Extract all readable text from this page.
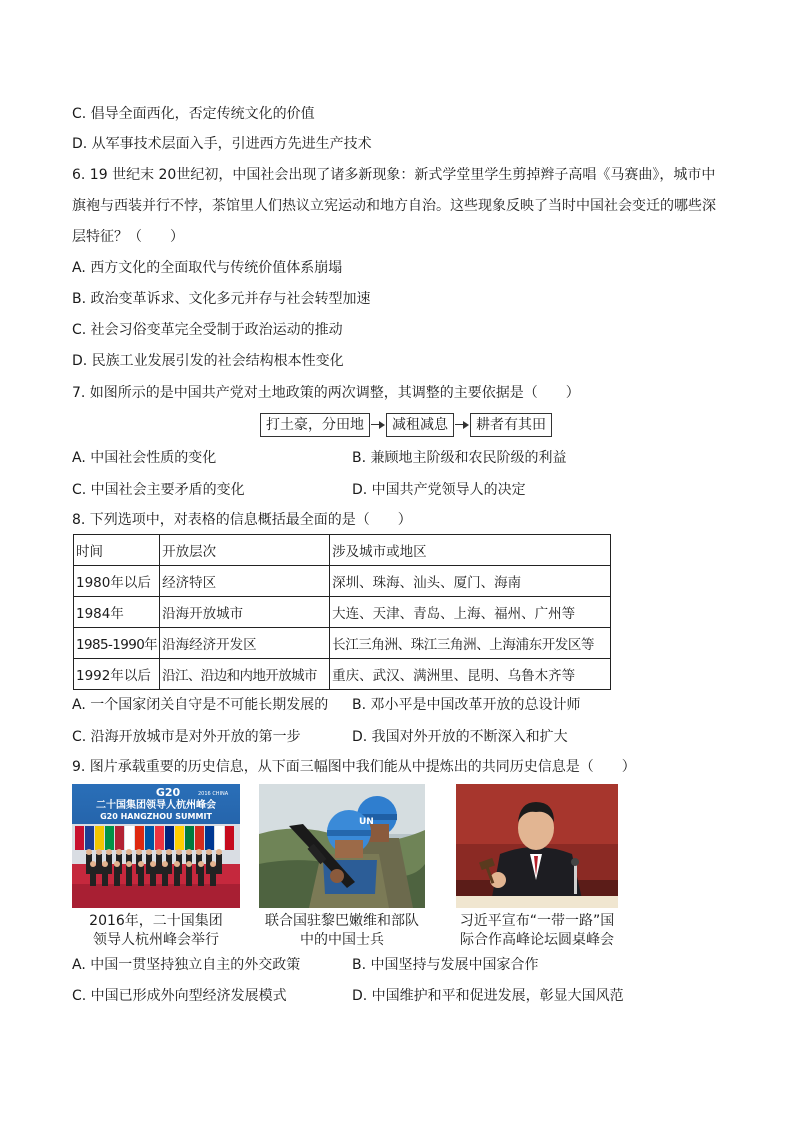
C. 倡导全面西化，否定传统文化的价值
D. 从军事技术层面入手，引进西方先进生产技术
6. 19 世纪末 20世纪初，中国社会出现了诸多新现象：新式学堂里学生剪掉辫子高唱《马赛曲》，城市中
旗袍与西装并行不悖，茶馆里人们热议立宪运动和地方自治。这些现象反映了当时中国社会变迁的哪些深
层特征？（　　）
A. 西方文化的全面取代与传统价值体系崩塌
B. 政治变革诉求、文化多元并存与社会转型加速
C. 社会习俗变革完全受制于政治运动的推动
D. 民族工业发展引发的社会结构根本性变化
7. 如图所示的是中国共产党对土地政策的两次调整，其调整的主要依据是（　　）
打土豪，分田地	减租减息	耕者有其田
A. 中国社会性质的变化	B. 兼顾地主阶级和农民阶级的利益
C. 中国社会主要矛盾的变化	D. 中国共产党领导人的决定
8. 下列选项中，对表格的信息概括最全面的是（　　）
时间	开放层次	涉及城市或地区
1980年以后	经济特区	深圳、珠海、汕头、厦门、海南
1984年	沿海开放城市	大连、天津、青岛、上海、福州、广州等
1985-1990年	沿海经济开发区	长江三角洲、珠江三角洲、上海浦东开发区等
1992年以后	沿江、沿边和内地开放城市	重庆、武汉、满洲里、昆明、乌鲁木齐等
A. 一个国家闭关自守是不可能长期发展的 B. 邓小平是中国改革开放的总设计师
C. 沿海开放城市是对外开放的第一步	D. 我国对外开放的不断深入和扩大
9. 图片承载重要的历史信息，从下面三幅图中我们能从中提炼出的共同历史信息是（　　）
G20	2016 CHINA
二十国集团领导人杭州峰会
G20 HANGZHOU SUMMIT
UN
2016年，二十国集团
领导人杭州峰会举行
联合国驻黎巴嫩维和部队
中的中国士兵
习近平宣布“一带一路”国
际合作高峰论坛圆桌峰会
A. 中国一贯坚持独立自主的外交政策	B. 中国坚持与发展中国家合作
C. 中国已形成外向型经济发展模式	D. 中国维护和平和促进发展，彰显大国风范
